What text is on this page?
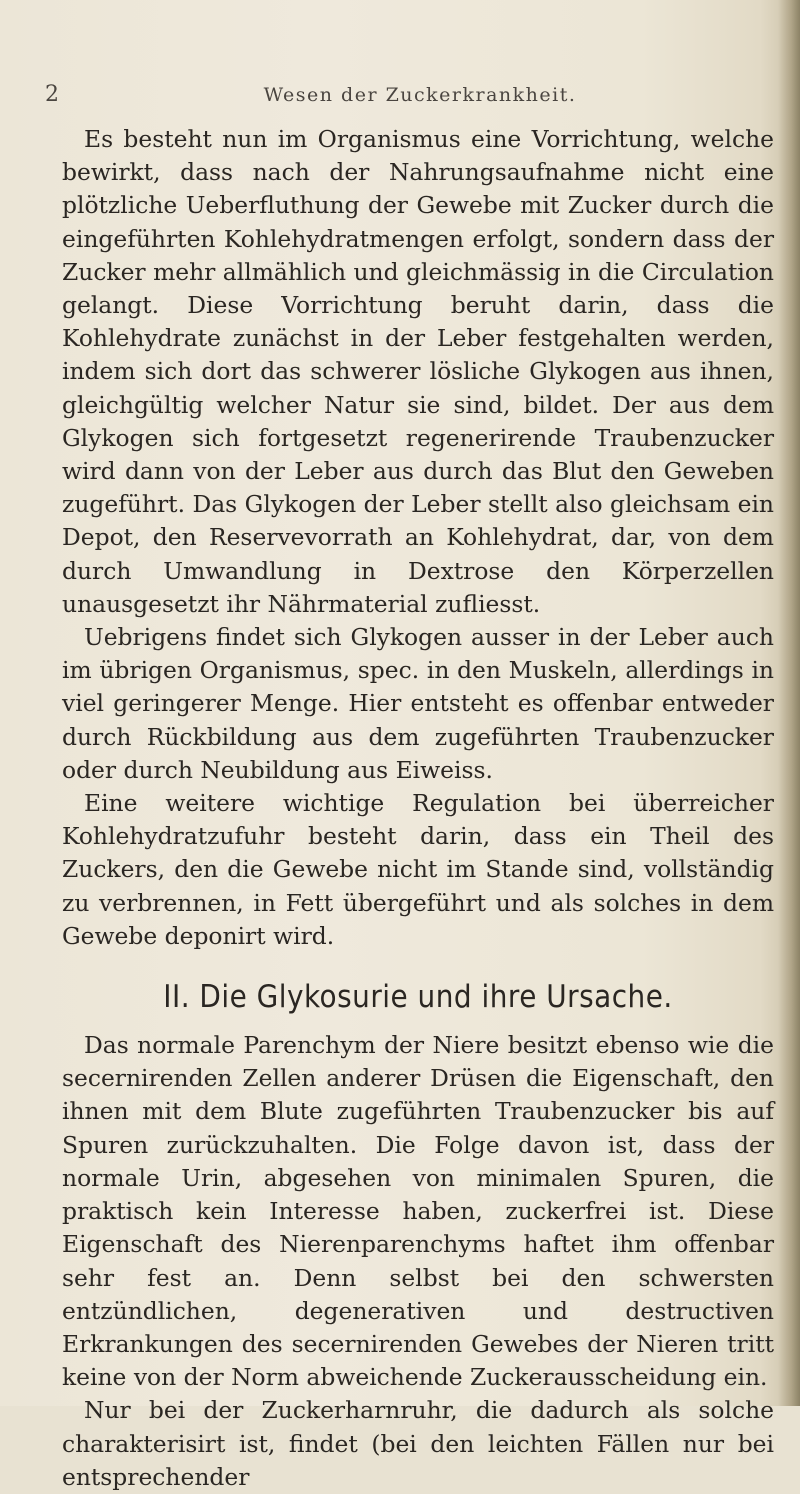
2	Wesen der Zuckerkrankheit.

Es besteht nun im Organismus eine Vorrichtung, welche bewirkt, dass nach der Nahrungsaufnahme nicht eine plötzliche Ueberfluthung der Gewebe mit Zucker durch die eingeführten Kohlehydratmengen erfolgt, sondern dass der Zucker mehr allmählich und gleichmässig in die Circulation gelangt. Diese Vorrichtung beruht darin, dass die Kohlehydrate zunächst in der Leber festgehalten werden, indem sich dort das schwerer lösliche Glykogen aus ihnen, gleichgültig welcher Natur sie sind, bildet. Der aus dem Glykogen sich fortgesetzt regenerirende Traubenzucker wird dann von der Leber aus durch das Blut den Geweben zugeführt. Das Glykogen der Leber stellt also gleichsam ein Depot, den Reservevorrath an Kohlehydrat, dar, von dem durch Umwandlung in Dextrose den Körperzellen unausgesetzt ihr Nährmaterial zufliesst.

Uebrigens findet sich Glykogen ausser in der Leber auch im übrigen Organismus, spec. in den Muskeln, allerdings in viel geringerer Menge. Hier entsteht es offenbar entweder durch Rückbildung aus dem zugeführten Traubenzucker oder durch Neubildung aus Eiweiss.

Eine weitere wichtige Regulation bei überreicher Kohlehydratzufuhr besteht darin, dass ein Theil des Zuckers, den die Gewebe nicht im Stande sind, vollständig zu verbrennen, in Fett übergeführt und als solches in dem Gewebe deponirt wird.

II. Die Glykosurie und ihre Ursache.

Das normale Parenchym der Niere besitzt ebenso wie die secernirenden Zellen anderer Drüsen die Eigenschaft, den ihnen mit dem Blute zugeführten Traubenzucker bis auf Spuren zurückzuhalten. Die Folge davon ist, dass der normale Urin, abgesehen von minimalen Spuren, die praktisch kein Interesse haben, zuckerfrei ist. Diese Eigenschaft des Nierenparenchyms haftet ihm offenbar sehr fest an. Denn selbst bei den schwersten entzündlichen, degenerativen und destructiven Erkrankungen des secernirenden Gewebes der Nieren tritt keine von der Norm abweichende Zuckerausscheidung ein.

Nur bei der Zuckerharnruhr, die dadurch als solche charakterisirt ist, findet (bei den leichten Fällen nur bei entsprechender
